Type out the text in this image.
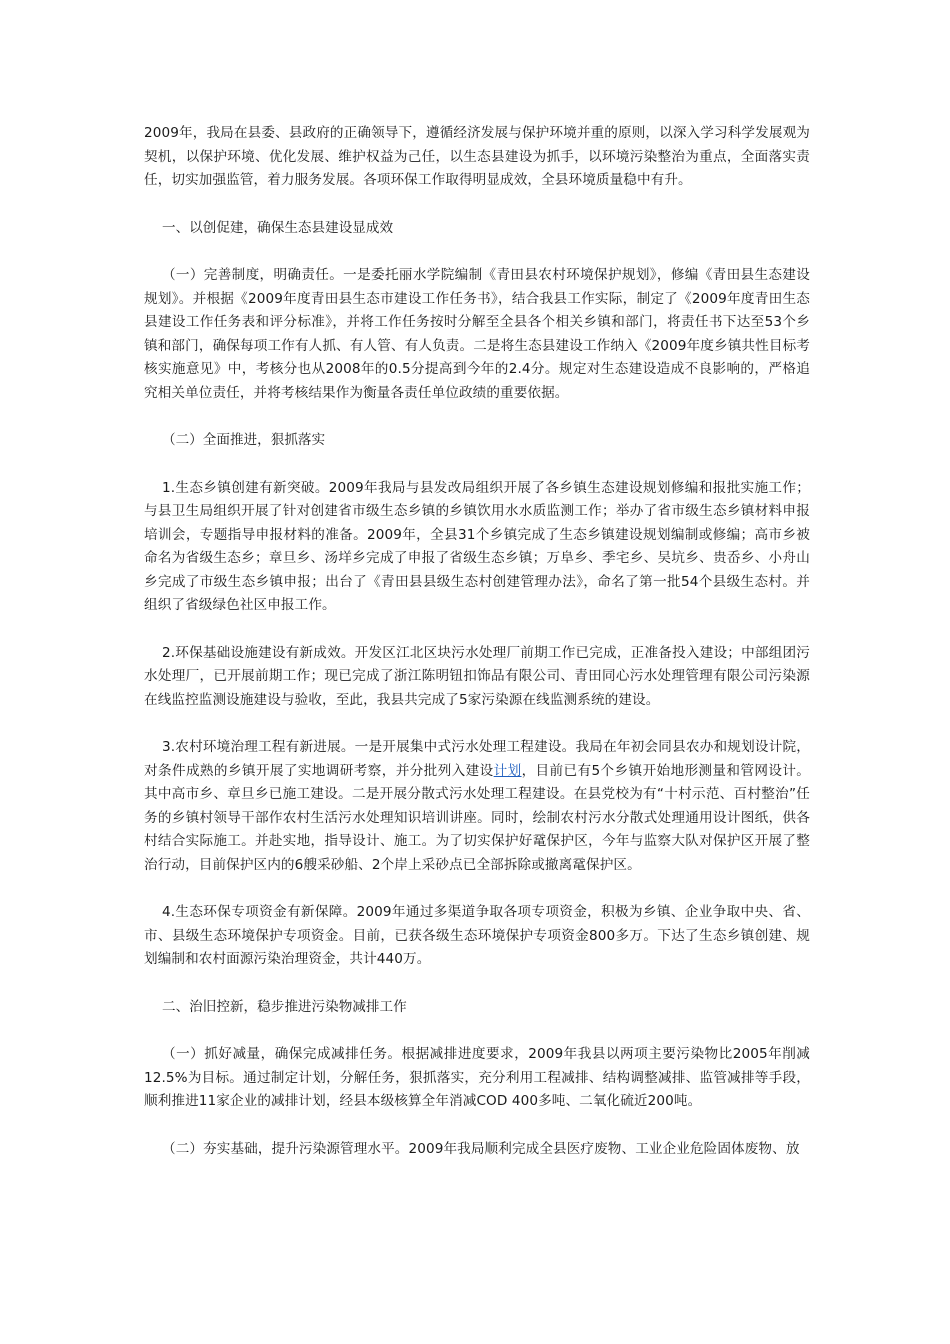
2009年，我局在县委、县政府的正确领导下，遵循经济发展与保护环境并重的原则，以深入学习科学发展观为契机，以保护环境、优化发展、维护权益为己任，以生态县建设为抓手，以环境污染整治为重点，全面落实责任，切实加强监管，着力服务发展。各项环保工作取得明显成效，全县环境质量稳中有升。

一、以创促建，确保生态县建设显成效

（一）完善制度，明确责任。一是委托丽水学院编制《青田县农村环境保护规划》，修编《青田县生态建设规划》。并根据《2009年度青田县生态市建设工作任务书》，结合我县工作实际，制定了《2009年度青田生态县建设工作任务表和评分标准》，并将工作任务按时分解至全县各个相关乡镇和部门，将责任书下达至53个乡镇和部门，确保每项工作有人抓、有人管、有人负责。二是将生态县建设工作纳入《2009年度乡镇共性目标考核实施意见》中，考核分也从2008年的0.5分提高到今年的2.4分。规定对生态建设造成不良影响的，严格追究相关单位责任，并将考核结果作为衡量各责任单位政绩的重要依据。

（二）全面推进，狠抓落实

1.生态乡镇创建有新突破。2009年我局与县发改局组织开展了各乡镇生态建设规划修编和报批实施工作；与县卫生局组织开展了针对创建省市级生态乡镇的乡镇饮用水水质监测工作；举办了省市级生态乡镇材料申报培训会，专题指导申报材料的准备。2009年，全县31个乡镇完成了生态乡镇建设规划编制或修编；高市乡被命名为省级生态乡；章旦乡、汤垟乡完成了申报了省级生态乡镇；万阜乡、季宅乡、吴坑乡、贵岙乡、小舟山乡完成了市级生态乡镇申报；出台了《青田县县级生态村创建管理办法》，命名了第一批54个县级生态村。并组织了省级绿色社区申报工作。

2.环保基础设施建设有新成效。开发区江北区块污水处理厂前期工作已完成，正准备投入建设；中部组团污水处理厂，已开展前期工作；现已完成了浙江陈明钮扣饰品有限公司、青田同心污水处理管理有限公司污染源在线监控监测设施建设与验收，至此，我县共完成了5家污染源在线监测系统的建设。

3.农村环境治理工程有新进展。一是开展集中式污水处理工程建设。我局在年初会同县农办和规划设计院，对条件成熟的乡镇开展了实地调研考察，并分批列入建设计划，目前已有5个乡镇开始地形测量和管网设计。其中高市乡、章旦乡已施工建设。二是开展分散式污水处理工程建设。在县党校为有“十村示范、百村整治”任务的乡镇村领导干部作农村生活污水处理知识培训讲座。同时，绘制农村污水分散式处理通用设计图纸，供各村结合实际施工。并赴实地，指导设计、施工。为了切实保护好鼋保护区，今年与监察大队对保护区开展了整治行动，目前保护区内的6艘采砂船、2个岸上采砂点已全部拆除或撤离鼋保护区。

4.生态环保专项资金有新保障。2009年通过多渠道争取各项专项资金，积极为乡镇、企业争取中央、省、市、县级生态环境保护专项资金。目前，已获各级生态环境保护专项资金800多万。下达了生态乡镇创建、规划编制和农村面源污染治理资金，共计440万。

二、治旧控新，稳步推进污染物减排工作

（一）抓好减量，确保完成减排任务。根据减排进度要求，2009年我县以两项主要污染物比2005年削减12.5%为目标。通过制定计划，分解任务，狠抓落实，充分利用工程减排、结构调整减排、监管减排等手段，顺利推进11家企业的减排计划，经县本级核算全年消减COD 400多吨、二氧化硫近200吨。

（二）夯实基础，提升污染源管理水平。2009年我局顺利完成全县医疗废物、工业企业危险固体废物、放
